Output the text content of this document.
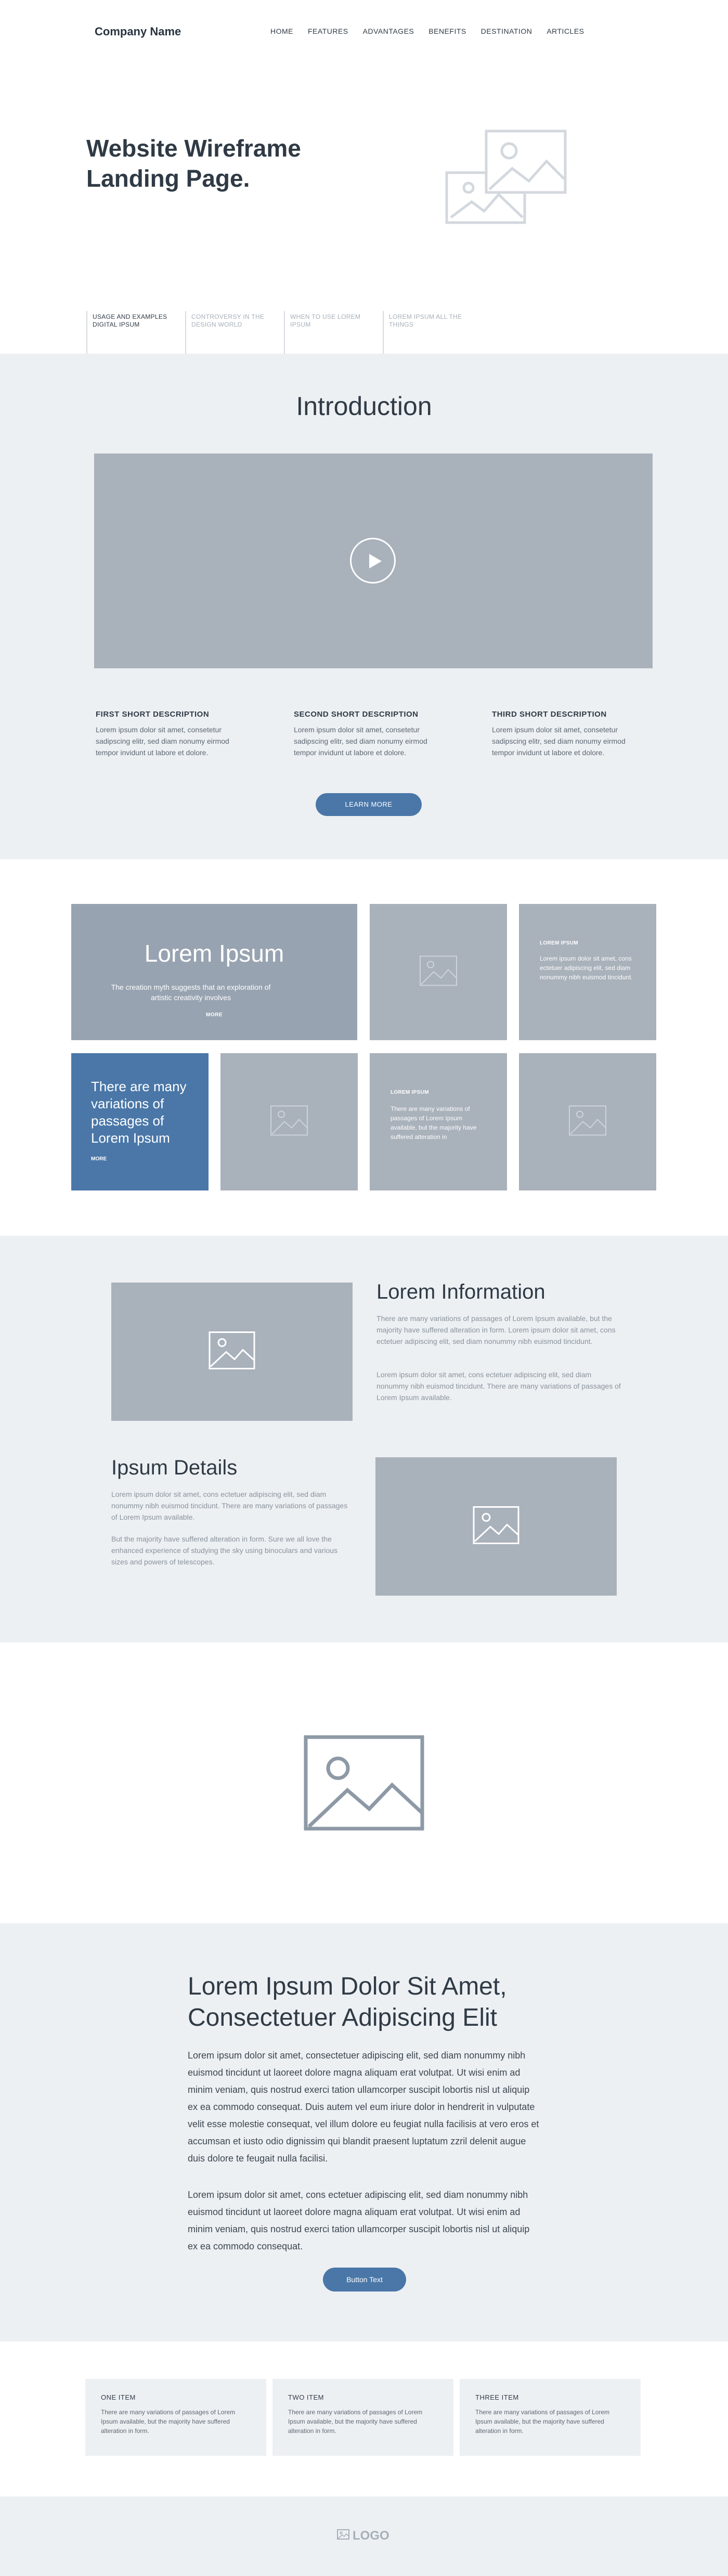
Company Name	HOME FEATURES ADVANTAGES BENEFITS DESTINATION ARTICLES
Website Wireframe
Landing Page.
USAGE AND EXAMPLES
DIGITAL IPSUM
CONTROVERSY IN THE
DESIGN WORLD
WHEN TO USE LOREM
IPSUM
LOREM IPSUM ALL THE
THINGS
Introduction
FIRST SHORT DESCRIPTION

Lorem ipsum dolor sit amet, consetetur sadipscing elitr, sed diam nonumy eirmod tempor invidunt ut labore et dolore.

SECOND SHORT DESCRIPTION

Lorem ipsum dolor sit amet, consetetur sadipscing elitr, sed diam nonumy eirmod tempor invidunt ut labore et dolore.

THIRD SHORT DESCRIPTION

Lorem ipsum dolor sit amet, consetetur sadipscing elitr, sed diam nonumy eirmod tempor invidunt ut labore et dolore.

LEARN MORE
Lorem Ipsum

The creation myth suggests that an exploration of artistic creativity involves

MORE
LOREM IPSUM

Lorem ipsum dolor sit amet, cons ectetuer adipiscing elit, sed diam nonummy nibh euismod tincidunt.

There are many variations of passages of Lorem Ipsum
MORE
LOREM IPSUM

There are many variations of passages of Lorem Ipsum available, but the majority have suffered alteration in

Lorem Information

There are many variations of passages of Lorem Ipsum available, but the majority have suffered alteration in form. Lorem ipsum dolor sit amet, cons ectetuer adipiscing elit, sed diam nonummy nibh euismod tincidunt.

Lorem ipsum dolor sit amet, cons ectetuer adipiscing elit, sed diam nonummy nibh euismod tincidunt. There are many variations of passages of Lorem Ipsum available.

Ipsum Details

Lorem ipsum dolor sit amet, cons ectetuer adipiscing elit, sed diam nonummy nibh euismod tincidunt. There are many variations of passages of Lorem Ipsum available.

But the majority have suffered alteration in form. Sure we all love the enhanced experience of studying the sky using binoculars and various sizes and powers of telescopes.

Lorem Ipsum Dolor Sit Amet,
Consectetuer Adipiscing Elit

Lorem ipsum dolor sit amet, consectetuer adipiscing elit, sed diam nonummy nibh euismod tincidunt ut laoreet dolore magna aliquam erat volutpat. Ut wisi enim ad minim veniam, quis nostrud exerci tation ullamcorper suscipit lobortis nisl ut aliquip ex ea commodo consequat. Duis autem vel eum iriure dolor in hendrerit in vulputate velit esse molestie consequat, vel illum dolore eu feugiat nulla facilisis at vero eros et accumsan et iusto odio dignissim qui blandit praesent luptatum zzril delenit augue duis dolore te feugait nulla facilisi.

Lorem ipsum dolor sit amet, cons ectetuer adipiscing elit, sed diam nonummy nibh euismod tincidunt ut laoreet dolore magna aliquam erat volutpat. Ut wisi enim ad minim veniam, quis nostrud exerci tation ullamcorper suscipit lobortis nisl ut aliquip ex ea commodo consequat.

Button Text
ONE ITEM

There are many variations of passages of Lorem Ipsum available, but the majority have suffered alteration in form.

TWO ITEM

There are many variations of passages of Lorem Ipsum available, but the majority have suffered alteration in form.

THREE ITEM

There are many variations of passages of Lorem Ipsum available, but the majority have suffered alteration in form.

LOGO
